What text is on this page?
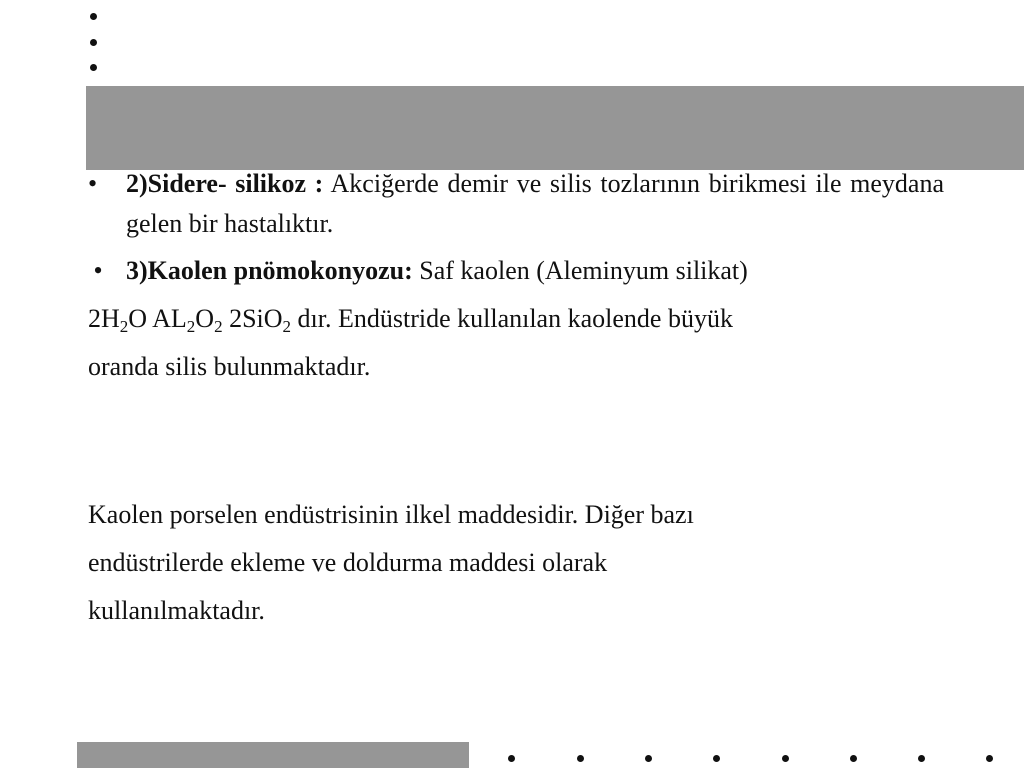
•	2)Sidere- silikoz : Akciğerde demir ve silis tozlarının birikmesi ile meydana gelen bir hastalıktır.
• 3)Kaolen pnömokonyozu: Saf kaolen (Aleminyum silikat)

$2H_2O$ $AL_2O_2$ 2SiO$_2$ dır. Endüstride kullanılan kaolende büyük

oranda silis bulunmaktadır.

Kaolen porselen endüstrisinin ilkel maddesidir. Diğer bazı

endüstrilerde ekleme ve doldurma maddesi olarak

kullanılmaktadır.
